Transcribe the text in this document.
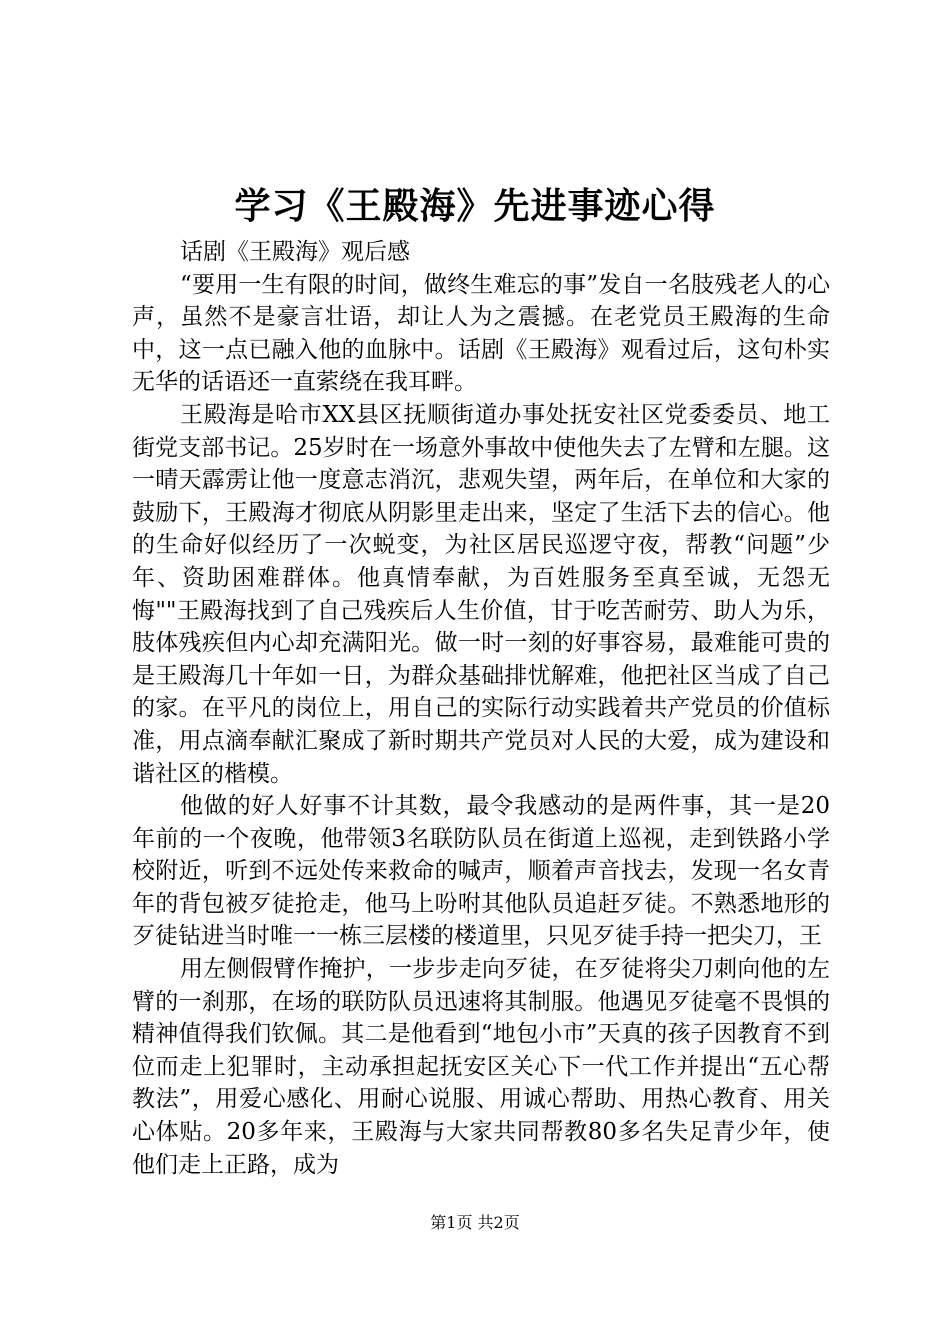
学习《王殿海》先进事迹心得

话剧《王殿海》观后感

“要用一生有限的时间，做终生难忘的事”发自一名肢残老人的心声，虽然不是豪言壮语，却让人为之震撼。在老党员王殿海的生命中，这一点已融入他的血脉中。话剧《王殿海》观看过后，这句朴实无华的话语还一直萦绕在我耳畔。

王殿海是哈市XX县区抚顺街道办事处抚安社区党委委员、地工街党支部书记。25岁时在一场意外事故中使他失去了左臂和左腿。这一晴天霹雳让他一度意志消沉，悲观失望，两年后，在单位和大家的鼓励下，王殿海才彻底从阴影里走出来，坚定了生活下去的信心。他的生命好似经历了一次蜕变，为社区居民巡逻守夜，帮教“问题”少年、资助困难群体。他真情奉献，为百姓服务至真至诚，无怨无悔""王殿海找到了自己残疾后人生价值，甘于吃苦耐劳、助人为乐，肢体残疾但内心却充满阳光。做一时一刻的好事容易，最难能可贵的是王殿海几十年如一日，为群众基础排忧解难，他把社区当成了自己的家。在平凡的岗位上，用自己的实际行动实践着共产党员的价值标准，用点滴奉献汇聚成了新时期共产党员对人民的大爱，成为建设和谐社区的楷模。

他做的好人好事不计其数，最令我感动的是两件事，其一是20年前的一个夜晚，他带领3名联防队员在街道上巡视，走到铁路小学校附近，听到不远处传来救命的喊声，顺着声音找去，发现一名女青年的背包被歹徒抢走，他马上吩咐其他队员追赶歹徒。不熟悉地形的歹徒钻进当时唯一一栋三层楼的楼道里，只见歹徒手持一把尖刀，王

用左侧假臂作掩护，一步步走向歹徒，在歹徒将尖刀刺向他的左臂的一刹那，在场的联防队员迅速将其制服。他遇见歹徒毫不畏惧的精神值得我们钦佩。其二是他看到“地包小市”天真的孩子因教育不到位而走上犯罪时，主动承担起抚安区关心下一代工作并提出“五心帮教法”，用爱心感化、用耐心说服、用诚心帮助、用热心教育、用关心体贴。20多年来，王殿海与大家共同帮教80多名失足青少年，使他们走上正路，成为

第1页 共2页
